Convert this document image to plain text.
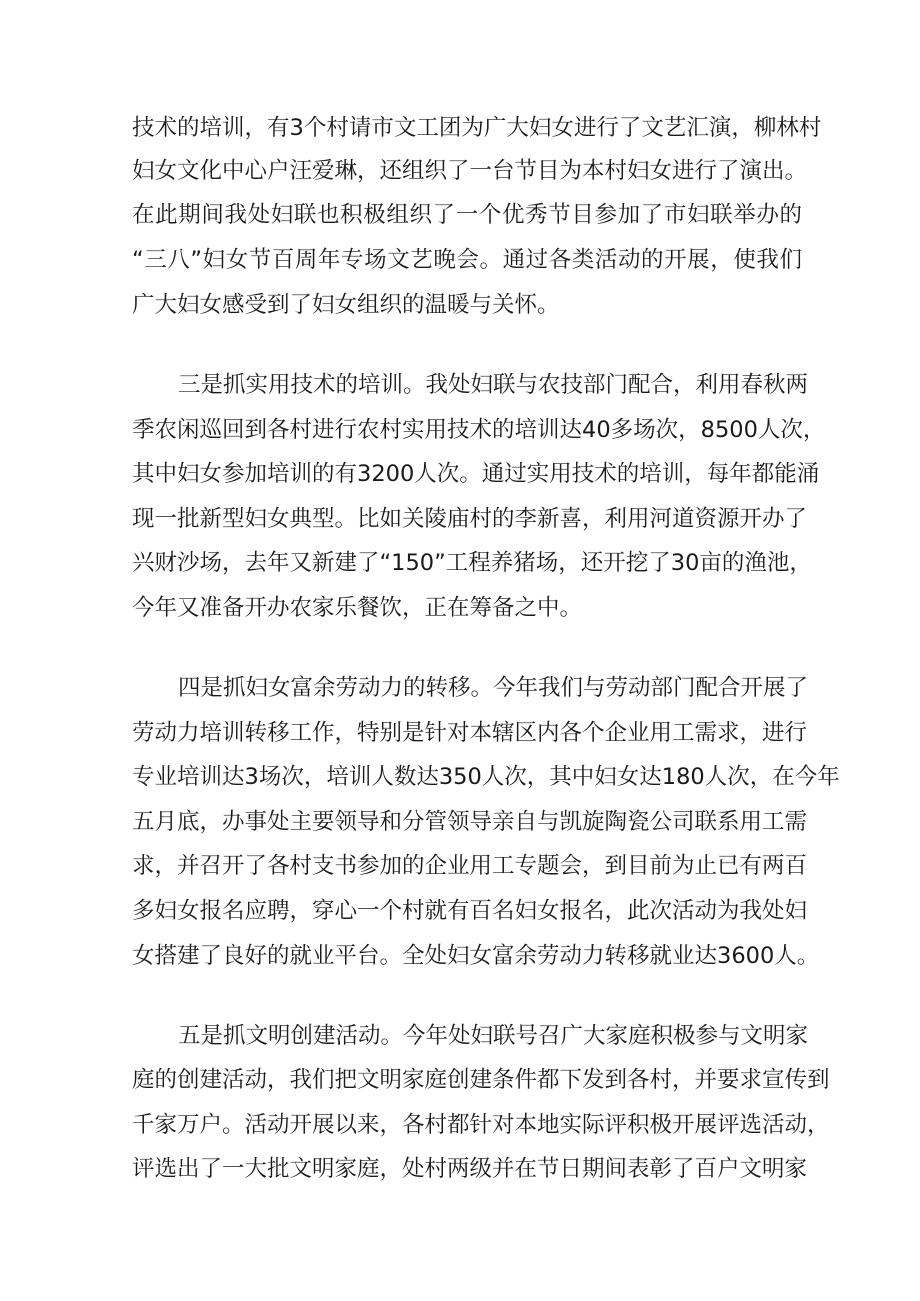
技术的培训，有3个村请市文工团为广大妇女进行了文艺汇演，柳林村
妇女文化中心户汪爱琳，还组织了一台节目为本村妇女进行了演出。
在此期间我处妇联也积极组织了一个优秀节目参加了市妇联举办的
“三八”妇女节百周年专场文艺晚会。通过各类活动的开展，使我们
广大妇女感受到了妇女组织的温暖与关怀。
三是抓实用技术的培训。我处妇联与农技部门配合，利用春秋两
季农闲巡回到各村进行农村实用技术的培训达40多场次，8500人次，
其中妇女参加培训的有3200人次。通过实用技术的培训，每年都能涌
现一批新型妇女典型。比如关陵庙村的李新喜，利用河道资源开办了
兴财沙场，去年又新建了“150”工程养猪场，还开挖了30亩的渔池，
今年又准备开办农家乐餐饮，正在筹备之中。
四是抓妇女富余劳动力的转移。今年我们与劳动部门配合开展了
劳动力培训转移工作，特别是针对本辖区内各个企业用工需求，进行
专业培训达3场次，培训人数达350人次，其中妇女达180人次，在今年
五月底，办事处主要领导和分管领导亲自与凯旋陶瓷公司联系用工需
求，并召开了各村支书参加的企业用工专题会，到目前为止已有两百
多妇女报名应聘，穿心一个村就有百名妇女报名，此次活动为我处妇
女搭建了良好的就业平台。全处妇女富余劳动力转移就业达3600人。
五是抓文明创建活动。今年处妇联号召广大家庭积极参与文明家
庭的创建活动，我们把文明家庭创建条件都下发到各村，并要求宣传到
千家万户。活动开展以来，各村都针对本地实际评积极开展评选活动，
评选出了一大批文明家庭，处村两级并在节日期间表彰了百户文明家
